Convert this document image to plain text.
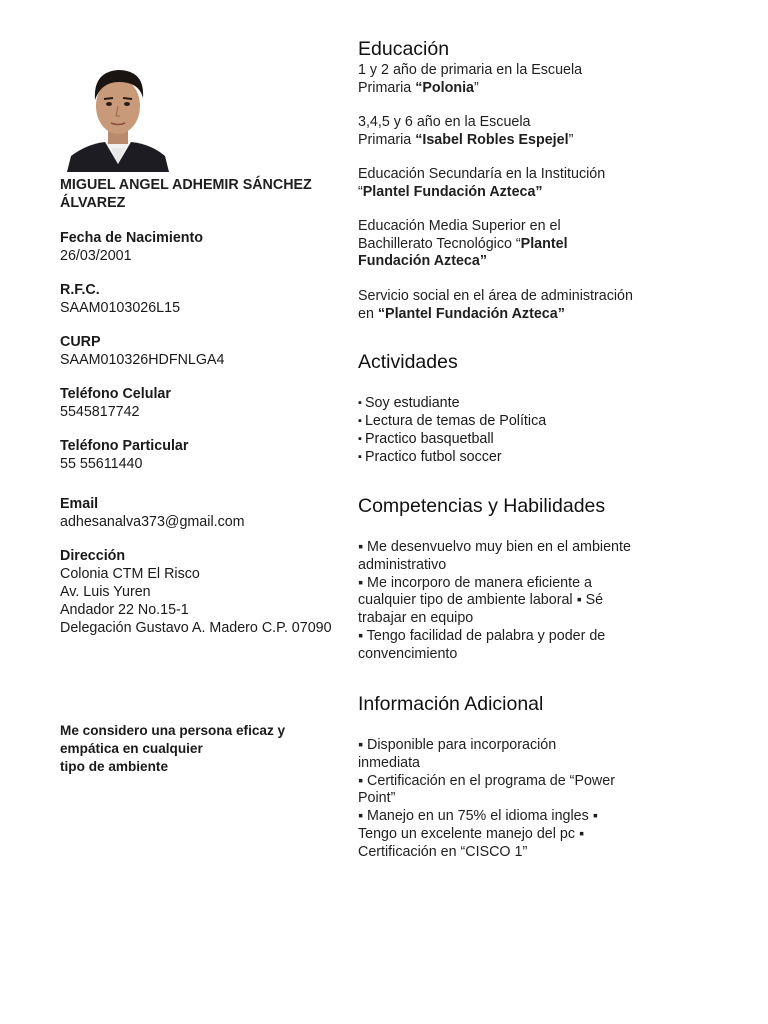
MIGUEL ANGEL ADHEMIR SÁNCHEZ ÁLVAREZ
Fecha de Nacimiento
26/03/2001
R.F.C.
SAAM0103026L15
CURP
SAAM010326HDFNLGA4
Teléfono Celular
5545817742
Teléfono Particular
55 55611440
Email
adhesanalva373@gmail.com
Dirección
Colonia CTM El Risco
Av. Luis Yuren
Andador 22 No.15-1
Delegación Gustavo A. Madero C.P. 07090
Me considero una persona eficaz y
empática en cualquier
tipo de ambiente
Educación
1 y 2 año de primaria en la Escuela
Primaria “Polonia”
3,4,5 y 6 año en la Escuela
Primaria “Isabel Robles Espejel”
Educación Secundaría en la Institución
“Plantel Fundación Azteca”
Educación Media Superior en el
Bachillerato Tecnológico “Plantel
Fundación Azteca”
Servicio social en el área de administración
en “Plantel Fundación Azteca”
Actividades
▪ Soy estudiante
▪ Lectura de temas de Política
▪ Practico basquetball
▪ Practico futbol soccer
Competencias y Habilidades
▪ Me desenvuelvo muy bien en el ambiente
administrativo
▪ Me incorporo de manera eficiente a
cualquier tipo de ambiente laboral ▪ Sé
trabajar en equipo
▪ Tengo facilidad de palabra y poder de
convencimiento
Información Adicional
▪ Disponible para incorporación
inmediata
▪ Certificación en el programa de “Power
Point”
▪ Manejo en un 75% el idioma ingles ▪
Tengo un excelente manejo del pc ▪
Certificación en “CISCO 1”
